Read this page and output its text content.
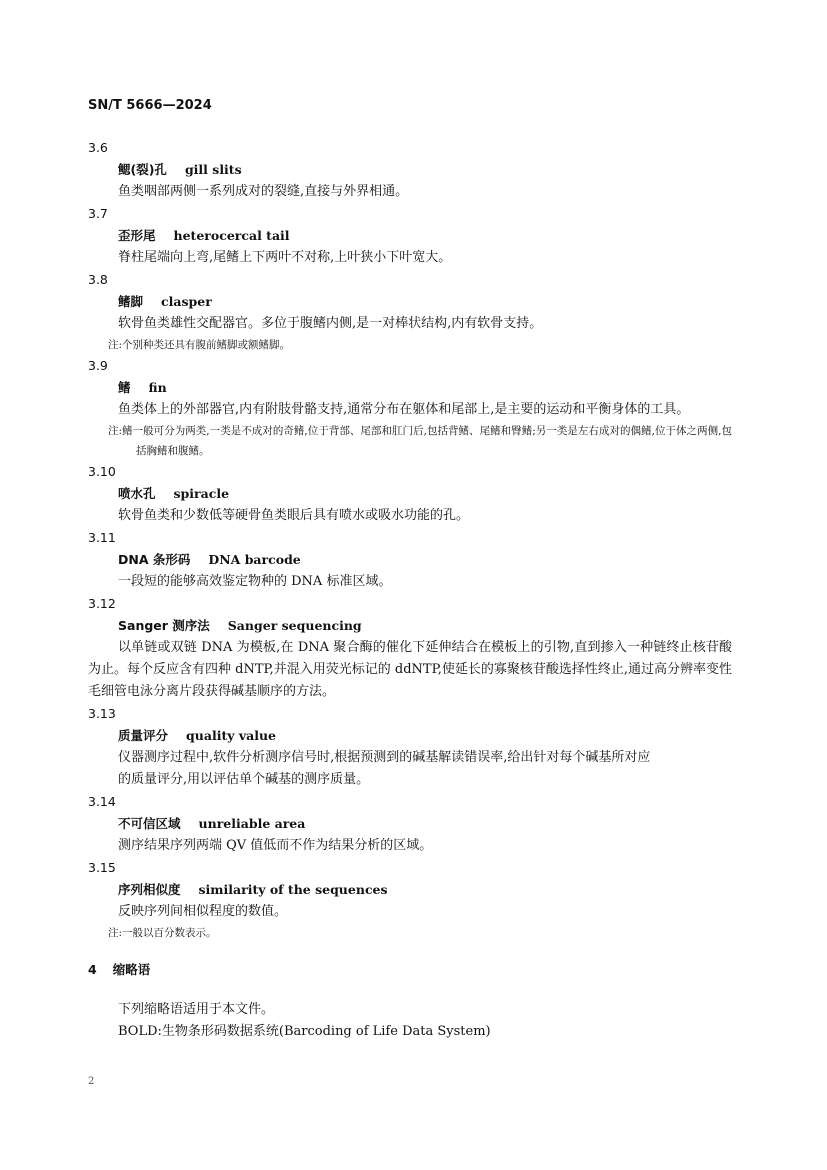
SN/T 5666—2024
3.6
鳃(裂)孔 gill slits
鱼类咽部两侧一系列成对的裂缝,直接与外界相通。
3.7
歪形尾 heterocercal tail
脊柱尾端向上弯,尾鳍上下两叶不对称,上叶狭小下叶宽大。
3.8
鳍脚 clasper
软骨鱼类雄性交配器官。多位于腹鳍内侧,是一对棒状结构,内有软骨支持。
注:个别种类还具有腹前鳍脚或额鳍脚。
3.9
鳍 fin
鱼类体上的外部器官,内有附肢骨骼支持,通常分布在躯体和尾部上,是主要的运动和平衡身体的工具。
注:鳍一般可分为两类,一类是不成对的奇鳍,位于背部、尾部和肛门后,包括背鳍、尾鳍和臀鳍;另一类是左右成对的偶鳍,位于体之两侧,包括胸鳍和腹鳍。
3.10
喷水孔 spiracle
软骨鱼类和少数低等硬骨鱼类眼后具有喷水或吸水功能的孔。
3.11
DNA 条形码 DNA barcode
一段短的能够高效鉴定物种的 DNA 标准区域。
3.12
Sanger 测序法 Sanger sequencing
以单链或双链 DNA 为模板,在 DNA 聚合酶的催化下延伸结合在模板上的引物,直到掺入一种链终止核苷酸为止。每个反应含有四种 dNTP,并混入用荧光标记的 ddNTP,使延长的寡聚核苷酸选择性终止,通过高分辨率变性毛细管电泳分离片段获得碱基顺序的方法。
3.13
质量评分 quality value
仪器测序过程中,软件分析测序信号时,根据预测到的碱基解读错误率,给出针对每个碱基所对应
的质量评分,用以评估单个碱基的测序质量。
3.14
不可信区域 unreliable area
测序结果序列两端 QV 值低而不作为结果分析的区域。
3.15
序列相似度 similarity of the sequences
反映序列间相似程度的数值。
注:一般以百分数表示。
4 缩略语
下列缩略语适用于本文件。
BOLD:生物条形码数据系统(Barcoding of Life Data System)
2
